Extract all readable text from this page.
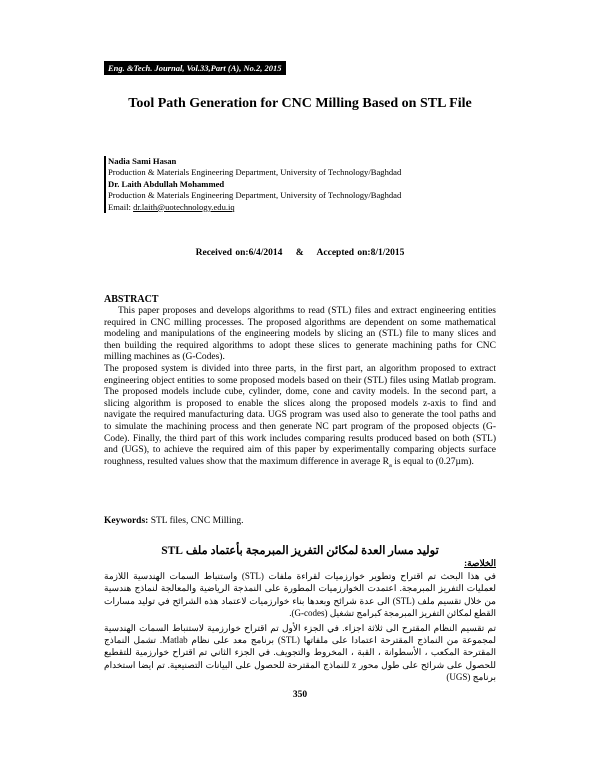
Eng. &Tech. Journal, Vol.33,Part (A), No.2, 2015
Tool Path Generation for CNC Milling Based on STL File
Nadia Sami Hasan
Production & Materials Engineering Department, University of Technology/Baghdad
Dr. Laith Abdullah Mohammed
Production & Materials Engineering Department, University of Technology/Baghdad
Email: dr.laith@uotechnology.edu.iq
Received on:6/4/2014 & Accepted on:8/1/2015
ABSTRACT

This paper proposes and develops algorithms to read (STL) files and extract engineering entities required in CNC milling processes. The proposed algorithms are dependent on some mathematical modeling and manipulations of the engineering models by slicing an (STL) file to many slices and then building the required algorithms to adopt these slices to generate machining paths for CNC milling machines as (G-Codes).

The proposed system is divided into three parts, in the first part, an algorithm proposed to extract engineering object entities to some proposed models based on their (STL) files using Matlab program. The proposed models include cube, cylinder, dome, cone and cavity models. In the second part, a slicing algorithm is proposed to enable the slices along the proposed models z-axis to find and navigate the required manufacturing data. UGS program was used also to generate the tool paths and to simulate the machining process and then generate NC part program of the proposed objects (G-Code). Finally, the third part of this work includes comparing results produced based on both (STL) and (UGS), to achieve the required aim of this paper by experimentally comparing objects surface roughness, resulted values show that the maximum difference in average $R_a$ is equal to (0.27µm).

Keywords: STL files, CNC Milling.
توليد مسار العدة لمكائن التفريز المبرمجة بأعتماد ملف STL
الخلاصة:

في هذا البحث تم اقتراح وتطوير خوارزميات لقراءة ملفات (STL) واستنباط السمات الهندسية اللازمة لعمليات التفريز المبرمجة. اعتمدت الخوارزميات المطورة على النمذجة الرياضية والمعالجة لنماذج هندسية من خلال تقسيم ملف (STL) الى عدة شرائح وبعدها بناء خوارزميات لاعتماد هذه الشرائح في توليد مسارات القطع لمكائن التفريز المبرمجة كبرامج تشغيل (G-codes).

تم تقسيم النظام المقترح الى ثلاثة اجزاء. في الجزء الأول تم اقتراح خوارزمية لاستنباط السمات الهندسية لمجموعة من النماذج المقترحة اعتمادا على ملفاتها (STL) برنامج معد على نظام Matlab. تشمل النماذج المقترحة المكعب ، الأسطوانة ، القبة ، المخروط والتجويف. في الجزء الثاني تم اقتراح خوارزمية للتقطيع للحصول على شرائح على طول محور z للنماذج المقترحة للحصول على البيانات التصنيعية. تم ايضا استخدام برنامج (UGS)

350
